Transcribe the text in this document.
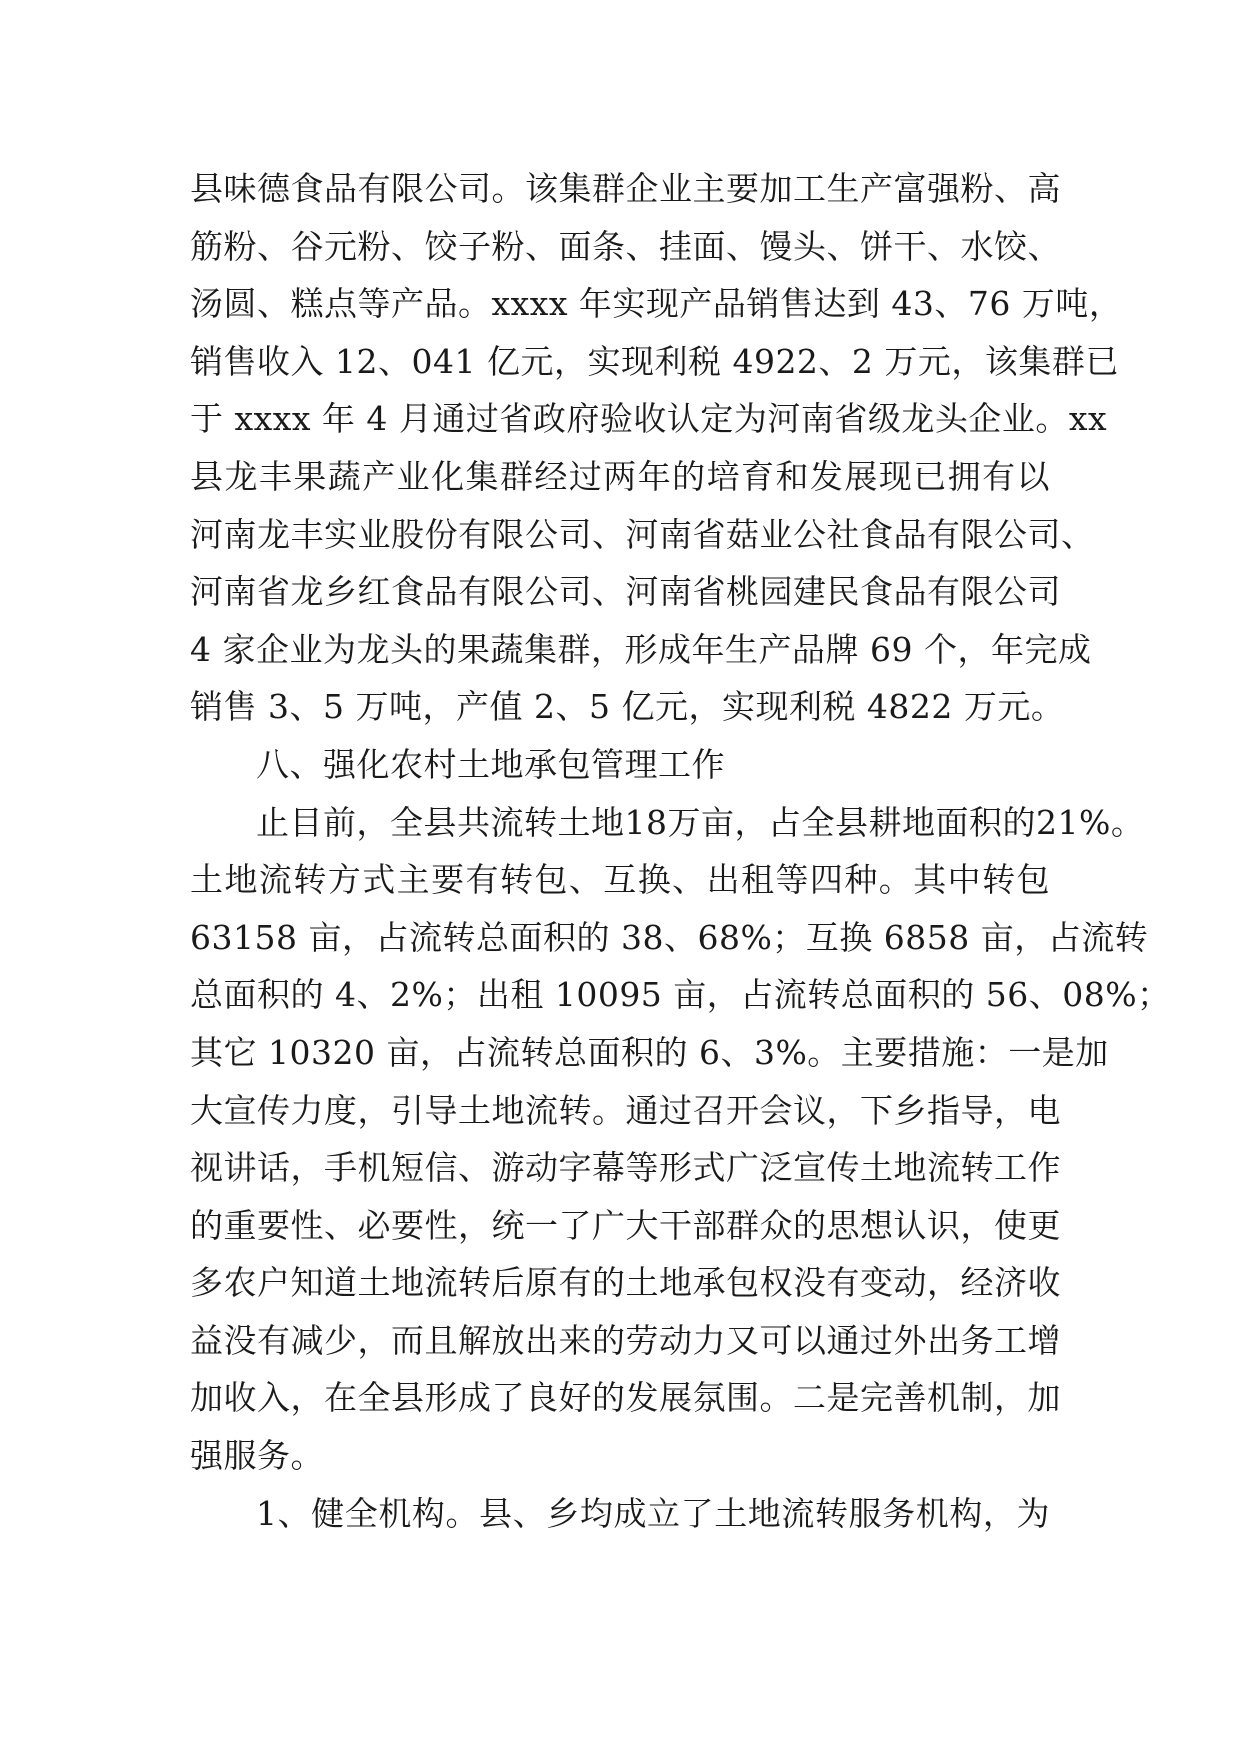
县味德食品有限公司。该集群企业主要加工生产富强粉、高
筋粉、谷元粉、饺子粉、面条、挂面、馒头、饼干、水饺、
汤圆、糕点等产品。xxxx 年实现产品销售达到 43、76 万吨，
销售收入 12、041 亿元，实现利税 4922、2 万元，该集群已
于 xxxx 年 4 月通过省政府验收认定为河南省级龙头企业。xx
县龙丰果蔬产业化集群经过两年的培育和发展现已拥有以
河南龙丰实业股份有限公司、河南省菇业公社食品有限公司、
河南省龙乡红食品有限公司、河南省桃园建民食品有限公司
4 家企业为龙头的果蔬集群，形成年生产品牌 69 个，年完成
销售 3、5 万吨，产值 2、5 亿元，实现利税 4822 万元。
八、强化农村土地承包管理工作
止目前，全县共流转土地18万亩，占全县耕地面积的21%。
土地流转方式主要有转包、互换、出租等四种。其中转包
63158 亩，占流转总面积的 38、68%；互换 6858 亩，占流转
总面积的 4、2%；出租 10095 亩，占流转总面积的 56、08%；
其它 10320 亩，占流转总面积的 6、3%。主要措施：一是加
大宣传力度，引导土地流转。通过召开会议，下乡指导，电
视讲话，手机短信、游动字幕等形式广泛宣传土地流转工作
的重要性、必要性，统一了广大干部群众的思想认识，使更
多农户知道土地流转后原有的土地承包权没有变动，经济收
益没有减少，而且解放出来的劳动力又可以通过外出务工增
加收入，在全县形成了良好的发展氛围。二是完善机制，加
强服务。
1、健全机构。县、乡均成立了土地流转服务机构，为
